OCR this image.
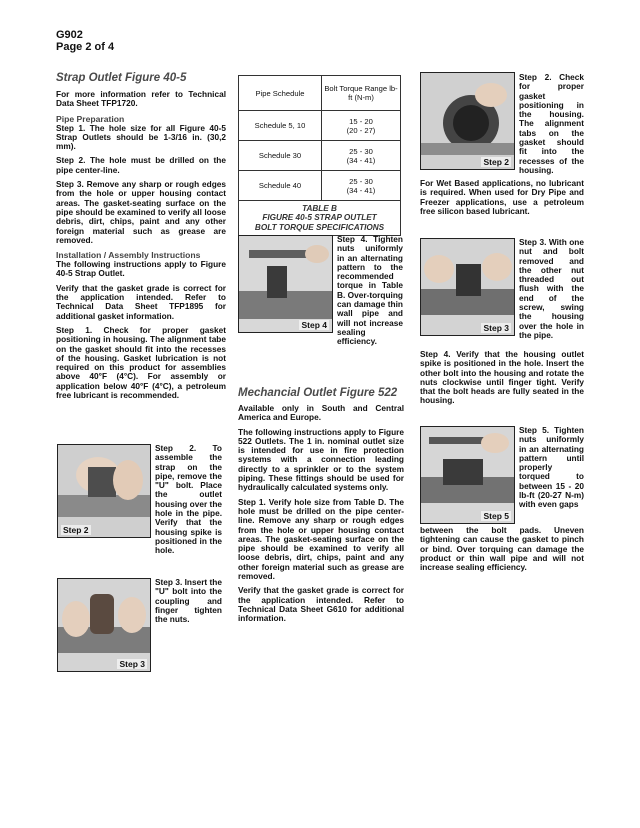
G902
Page 2 of 4
Strap Outlet Figure 40-5

For more information refer to Technical Data Sheet TFP1720.

Pipe Preparation

Step 1. The hole size for all Figure 40-5 Strap Outlets should be 1-3/16 in. (30,2 mm).

Step 2. The hole must be drilled on the pipe center-line.

Step 3. Remove any sharp or rough edges from the hole or upper housing contact areas. The gasket-seating surface on the pipe should be examined to verify all loose debris, dirt, chips, paint and any other foreign material such as grease are removed.

Installation / Assembly Instructions

The following instructions apply to Figure 40-5 Strap Outlet.

Verify that the gasket grade is correct for the application intended. Refer to Technical Data Sheet TFP1895 for additional gasket information.

Step 1. Check for proper gasket positioning in housing. The alignment tabe on the gasket should fit into the recesses of the housing. Gasket lubrication is not required on this product for assemblies above 40°F (4°C). For assembly or application below 40°F (4°C), a petroleum free lubricant is recommended.

Step 2

Step 2. To assemble the strap on the pipe, remove the "U" bolt. Place the outlet housing over the hole in the pipe. Verify that the housing spike is positioned in the hole.

Step 3

Step 3. Insert the "U" bolt into the coupling and finger tighten the nuts.

Pipe Schedule	Bolt Torque Range lb-ft (N-m)
Schedule 5, 10	15 - 20
(20 - 27)
Schedule 30	25 - 30
(34 - 41)
Schedule 40	25 - 30
(34 - 41)

TABLE B
FIGURE 40-5 STRAP OUTLET
BOLT TORQUE SPECIFICATIONS	
Step 4

Step 4. Tighten nuts uniformly in an alternating pattern to the recommended torque in Table B. Over-torquing can damage thin wall pipe and will not increase sealing efficiency.

Mechancial Outlet Figure 522

Available only in South and Central America and Europe.

The following instructions apply to Figure 522 Outlets. The 1 in. nominal outlet size is intended for use in fire protection systems with a connection leading directly to a sprinkler or to the system piping. These fittings should be used for hydraulically calculated systems only.

Step 1. Verify hole size from Table D. The hole must be drilled on the pipe center-line. Remove any sharp or rough edges from the hole or upper housing contact areas. The gasket-seating surface on the pipe should be examined to verify all loose debris, dirt, chips, paint and any other foreign material such as grease are removed.

Verify that the gasket grade is correct for the application intended. Refer to Technical Data Sheet G610 for additional information.

Step 2

Step 2. Check for proper gasket positioning in the housing. The alignment tabs on the gasket should fit into the recesses of the housing.

For Wet Based applications, no lubricant is required. When used for Dry Pipe and Freezer applications, use a petroleum free silicon based lubricant.

Step 3

Step 3. With one nut and bolt removed and the other nut threaded out flush with the end of the screw, swing the housing over the hole in the pipe.

Step 4. Verify that the housing outlet spike is positioned in the hole. Insert the other bolt into the housing and rotate the nuts clockwise until finger tight. Verify that the bolt heads are fully seated in the housing.

Step 5

Step 5. Tighten nuts uniformly in an alternating pattern until properly torqued to between 15 - 20 lb-ft (20-27 N-m) with even gaps

between the bolt pads. Uneven tightening can cause the gasket to pinch or bind. Over torquing can damage the product or thin wall pipe and will not increase sealing efficiency.
